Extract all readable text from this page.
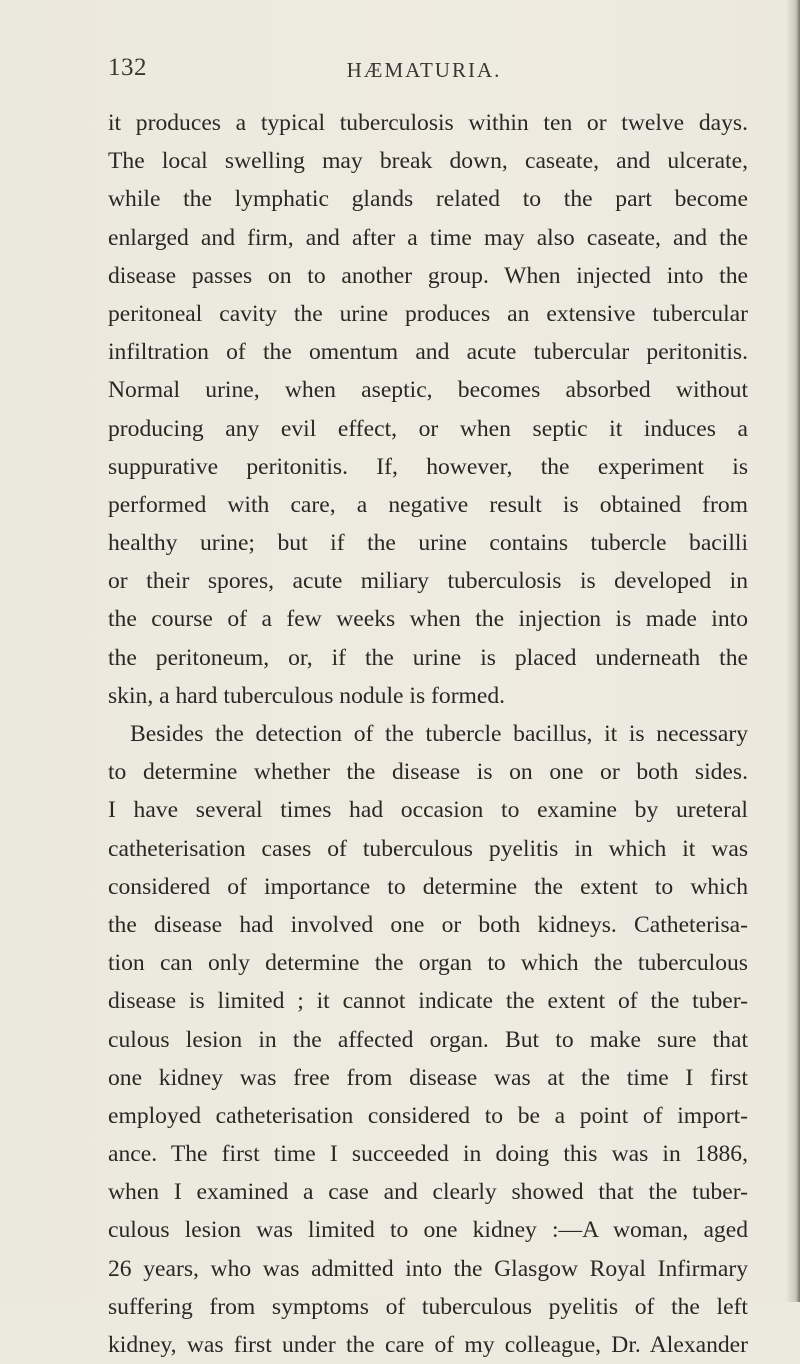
132	HÆMATURIA.
it produces a typical tuberculosis within ten or twelve days.
The local swelling may break down, caseate, and ulcerate,
while the lymphatic glands related to the part become
enlarged and firm, and after a time may also caseate, and the
disease passes on to another group. When injected into the
peritoneal cavity the urine produces an extensive tubercular
infiltration of the omentum and acute tubercular peritonitis.
Normal urine, when aseptic, becomes absorbed without
producing any evil effect, or when septic it induces a
suppurative peritonitis. If, however, the experiment is
performed with care, a negative result is obtained from
healthy urine; but if the urine contains tubercle bacilli
or their spores, acute miliary tuberculosis is developed in
the course of a few weeks when the injection is made into
the peritoneum, or, if the urine is placed underneath the
skin, a hard tuberculous nodule is formed.
Besides the detection of the tubercle bacillus, it is necessary
to determine whether the disease is on one or both sides.
I have several times had occasion to examine by ureteral
catheterisation cases of tuberculous pyelitis in which it was
considered of importance to determine the extent to which
the disease had involved one or both kidneys. Catheterisa-
tion can only determine the organ to which the tuberculous
disease is limited ; it cannot indicate the extent of the tuber-
culous lesion in the affected organ. But to make sure that
one kidney was free from disease was at the time I first
employed catheterisation considered to be a point of import-
ance. The first time I succeeded in doing this was in 1886,
when I examined a case and clearly showed that the tuber-
culous lesion was limited to one kidney :—A woman, aged
26 years, who was admitted into the Glasgow Royal Infirmary
suffering from symptoms of tuberculous pyelitis of the left
kidney, was first under the care of my colleague, Dr. Alexander
